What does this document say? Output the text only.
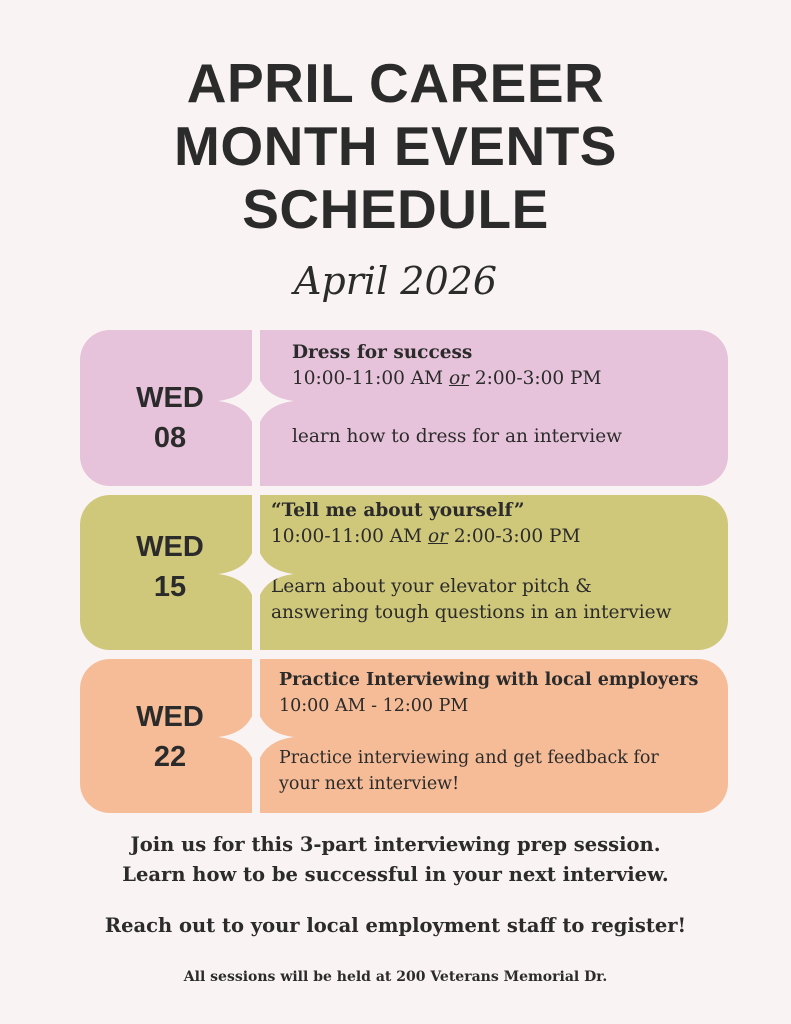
APRIL CAREER
MONTH EVENTS
SCHEDULE
April 2026
WED
08
Dress for success
10:00-11:00 AM or 2:00-3:00 PM
learn how to dress for an interview
WED
15
“Tell me about yourself”
10:00-11:00 AM or 2:00-3:00 PM
Learn about your elevator pitch &
answering tough questions in an interview
WED
22
Practice Interviewing with local employers
10:00 AM - 12:00 PM
Practice interviewing and get feedback for
your next interview!
Join us for this 3-part interviewing prep session.
Learn how to be successful in your next interview.
Reach out to your local employment staff to register!
All sessions will be held at 200 Veterans Memorial Dr.
